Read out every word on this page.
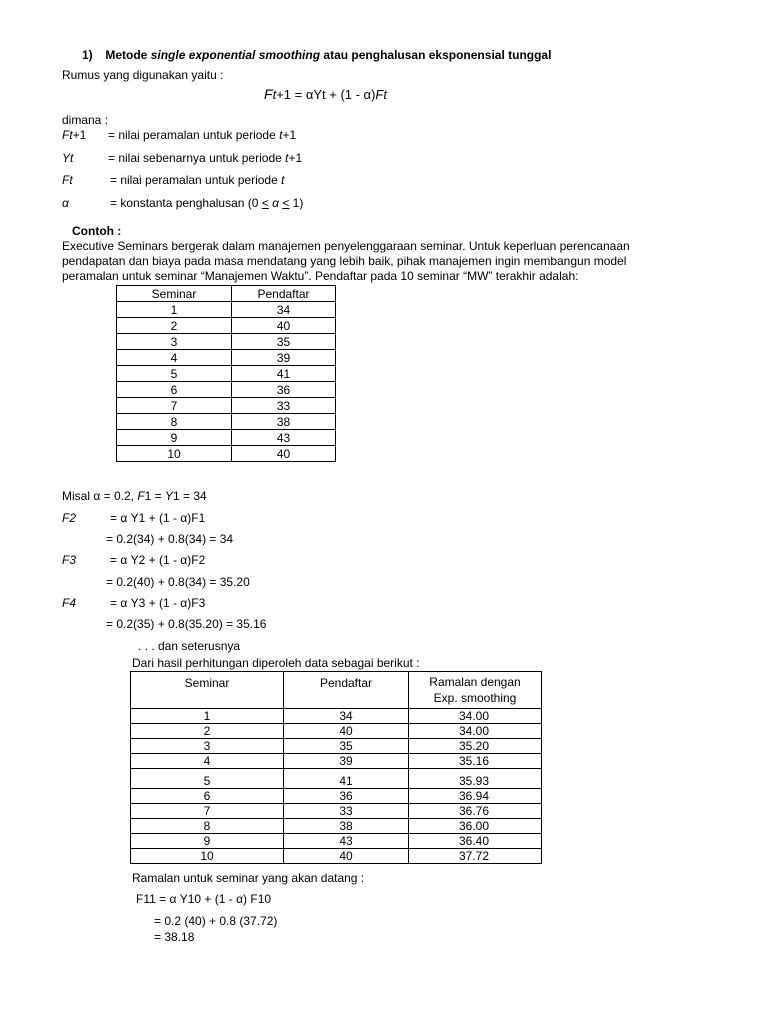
1) Metode single exponential smoothing atau penghalusan eksponensial tunggal
Rumus yang digunakan yaitu :
Ft+1 = αYt + (1 - α)Ft
dimana :
Ft+1 = nilai peramalan untuk periode t+1
Yt	= nilai sebenarnya untuk periode t+1
Ft	= nilai peramalan untuk periode t
α	= konstanta penghalusan (0 < α < 1)
Contoh :
Executive Seminars bergerak dalam manajemen penyelenggaraan seminar. Untuk keperluan perencanaan
pendapatan dan biaya pada masa mendatang yang lebih baik, pihak manajemen ingin membangun model
peramalan untuk seminar “Manajemen Waktu”. Pendaftar pada 10 seminar “MW” terakhir adalah:
Seminar	Pendaftar
1	34
2	40
3	35
4	39
5	41
6	36
7	33
8	38
9	43
10	40
Misal α = 0.2, F1 = Y1 = 34
F2	= α Y1 + (1 - α)F1
= 0.2(34) + 0.8(34) = 34
F3	= α Y2 + (1 - α)F2
= 0.2(40) + 0.8(34) = 35.20
F4	= α Y3 + (1 - α)F3
= 0.2(35) + 0.8(35.20) = 35.16
. . . dan seterusnya
Dari hasil perhitungan diperoleh data sebagai berikut :
Seminar	Pendaftar	Ramalan dengan
Exp. smoothing

1	34	34.00
2	40	34.00
3	35	35.20
4	39	35.16
5	41	35.93
6	36	36.94
7	33	36.76
8	38	36.00
9	43	36.40
10	40	37.72
Ramalan untuk seminar yang akan datang :
F11 = α Y10 + (1 - α) F10
= 0.2 (40) + 0.8 (37.72)
= 38.18
